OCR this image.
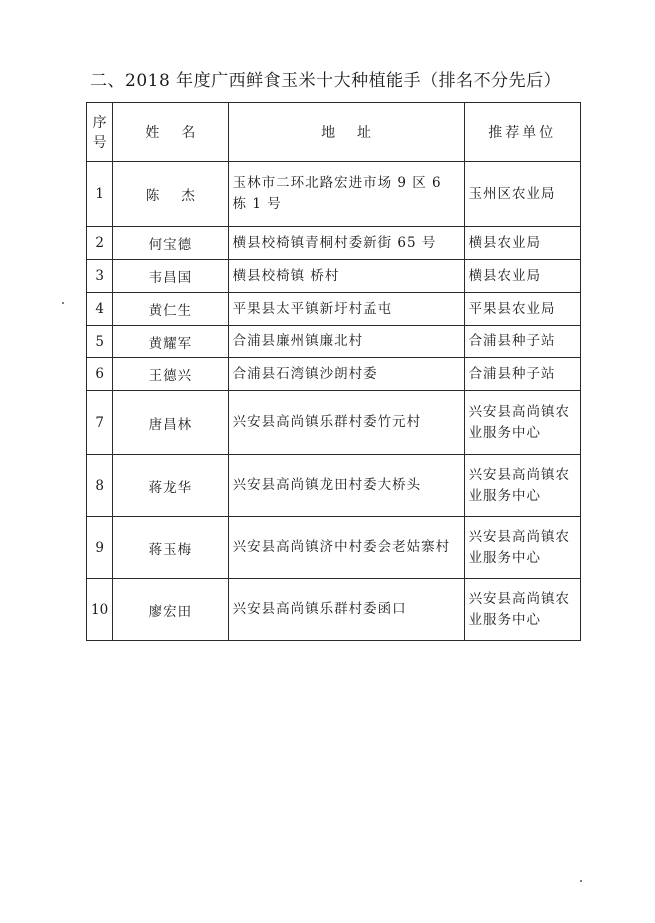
二、2018 年度广西鲜食玉米十大种植能手（排名不分先后）
序号	姓名	地址	推荐单位
1	陈杰	玉林市二环北路宏进市场 9 区 6 栋 1 号	玉州区农业局
2	何宝德	横县校椅镇青桐村委新街 65 号	横县农业局
3	韦昌国	横县校椅镇 桥村	横县农业局
4	黄仁生	平果县太平镇新圩村孟屯	平果县农业局
5	黄耀军	合浦县廉州镇廉北村	合浦县种子站
6	王德兴	合浦县石湾镇沙朗村委	合浦县种子站
7	唐昌林	兴安县高尚镇乐群村委竹元村	兴安县高尚镇农业服务中心
8	蒋龙华	兴安县高尚镇龙田村委大桥头	兴安县高尚镇农业服务中心
9	蒋玉梅	兴安县高尚镇济中村委会老姑寨村	兴安县高尚镇农业服务中心
10	廖宏田	兴安县高尚镇乐群村委函口	兴安县高尚镇农业服务中心
